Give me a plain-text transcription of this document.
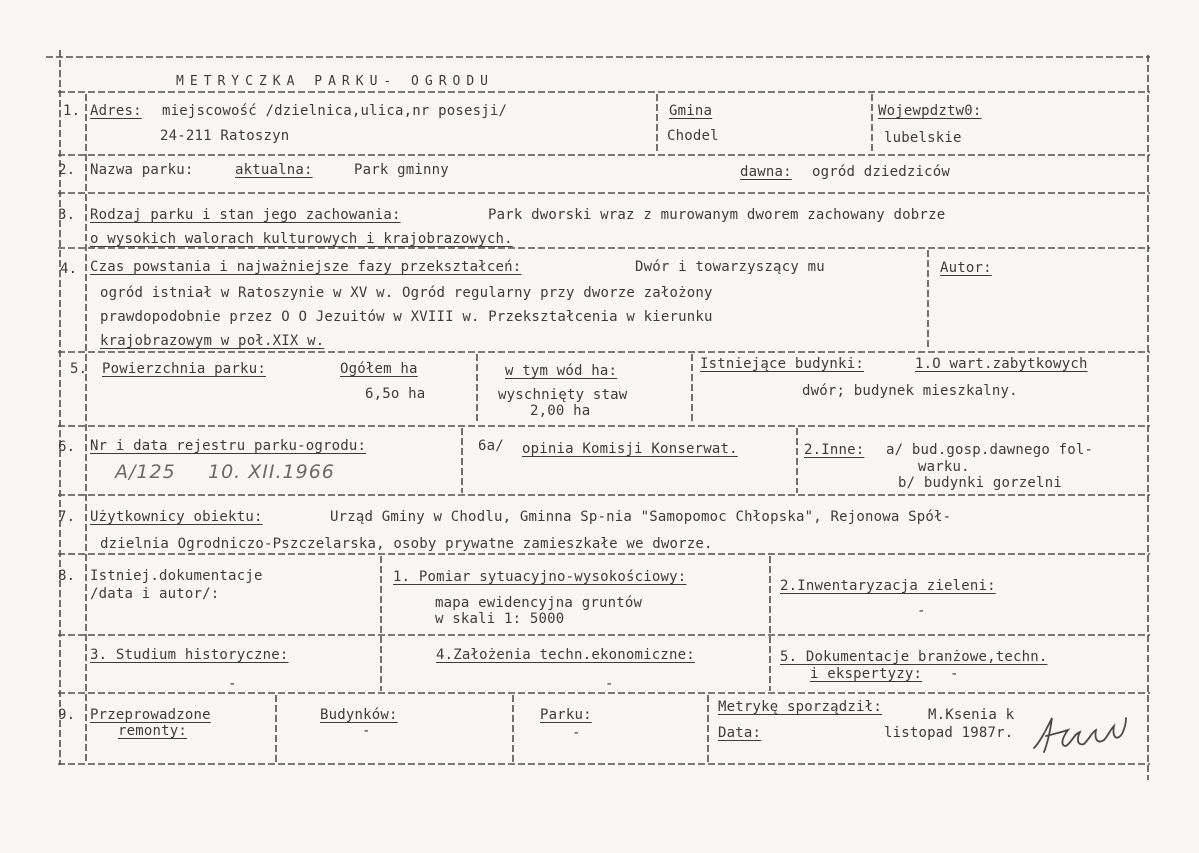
METRYCZKA PARKU- OGRODU
1. Adres: miejscowość /dzielnica,ulica,nr posesji/
24-211 Ratoszyn
Gmina
Chodel
Wojewpdztw0:
lubelskie
2. Nazwa parku:	aktualna:	Park gminny	dawna: ogród dziedziców
3. Rodzaj parku i stan jego zachowania:	Park dworski wraz z murowanym dworem zachowany dobrze
o wysokich walorach kulturowych i krajobrazowych.
4. Czas powstania i najważniejsze fazy przekształceń:	Dwór i towarzyszący mu
ogród istniał w Ratoszynie w XV w. Ogród regularny przy dworze założony
prawdopodobnie przez O O Jezuitów w XVIII w. Przekształcenia w kierunku
krajobrazowym w poł.XIX w.
Autor:
5. Powierzchnia parku:	Ogółem ha
6,5o ha
w tym wód ha:
wyschnięty staw
2,00 ha
Istniejące budynki:	1.O wart.zabytkowych
dwór; budynek mieszkalny.
6. Nr i data rejestru parku-ogrodu:
A/125 10. XII.1966
6a/ opinia Komisji Konserwat.	2.Inne: a/ bud.gosp.dawnego fol-
warku.
b/ budynki gorzelni
7. Użytkownicy obiektu:	Urząd Gminy w Chodlu, Gminna Sp-nia "Samopomoc Chłopska", Rejonowa Spół-
dzielnia Ogrodniczo-Pszczelarska, osoby prywatne zamieszkałe we dworze.
8. Istniej.dokumentacje
/data i autor/:
1. Pomiar sytuacyjno-wysokościowy:
mapa ewidencyjna gruntów
w skali 1: 5000
2.Inwentaryzacja zieleni:
-
3. Studium historyczne:
-
4.Założenia techn.ekonomiczne:
-
5. Dokumentacje branżowe,techn.
i ekspertyzy: -
9. Przeprowadzone
remonty:
Budynków:
-
Parku:
-
Metrykę sporządził:	M.Ksenia k
Data:	listopad 1987r.
